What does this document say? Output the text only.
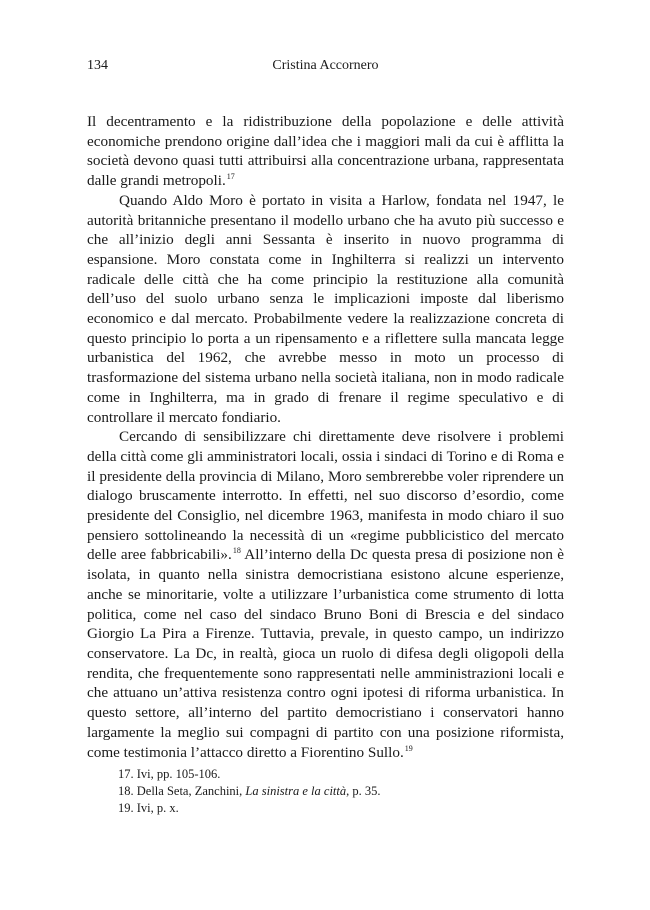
134	Cristina Accornero

Il decentramento e la ridistribuzione della popolazione e delle attività economiche prendono origine dall’idea che i maggiori mali da cui è afflitta la società devono quasi tutti attribuirsi alla concentrazione urbana, rappresentata dalle grandi metropoli.$^{17}$

Quando Aldo Moro è portato in visita a Harlow, fondata nel 1947, le autorità britanniche presentano il modello urbano che ha avuto più successo e che all’inizio degli anni Sessanta è inserito in nuovo programma di espansione. Moro constata come in Inghilterra si realizzi un intervento radicale delle città che ha come principio la restituzione alla comunità dell’uso del suolo urbano senza le implicazioni imposte dal liberismo economico e dal mercato. Probabilmente vedere la realizzazione concreta di questo principio lo porta a un ripensamento e a riflettere sulla mancata legge urbanistica del 1962, che avrebbe messo in moto un processo di trasformazione del sistema urbano nella società italiana, non in modo radicale come in Inghilterra, ma in grado di frenare il regime speculativo e di controllare il mercato fondiario.

Cercando di sensibilizzare chi direttamente deve risolvere i problemi della città come gli amministratori locali, ossia i sindaci di Torino e di Roma e il presidente della provincia di Milano, Moro sembrerebbe voler riprendere un dialogo bruscamente interrotto. In effetti, nel suo discorso d’esordio, come presidente del Consiglio, nel dicembre 1963, manifesta in modo chiaro il suo pensiero sottolineando la necessità di un «regime pubblicistico del mercato delle aree fabbricabili».$^{18}$ All’interno della Dc questa presa di posizione non è isolata, in quanto nella sinistra democristiana esistono alcune esperienze, anche se minoritarie, volte a utilizzare l’urbanistica come strumento di lotta politica, come nel caso del sindaco Bruno Boni di Brescia e del sindaco Giorgio La Pira a Firenze. Tuttavia, prevale, in questo campo, un indirizzo conservatore. La Dc, in realtà, gioca un ruolo di difesa degli oligopoli della rendita, che frequentemente sono rappresentati nelle amministrazioni locali e che attuano un’attiva resistenza contro ogni ipotesi di riforma urbanistica. In questo settore, all’interno del partito democristiano i conservatori hanno largamente la meglio sui compagni di partito con una posizione riformista, come testimonia l’attacco diretto a Fiorentino Sullo.$^{19}$

17. Ivi, pp. 105-106.
18. Della Seta, Zanchini, La sinistra e la città, p. 35.
19. Ivi, p. x.
